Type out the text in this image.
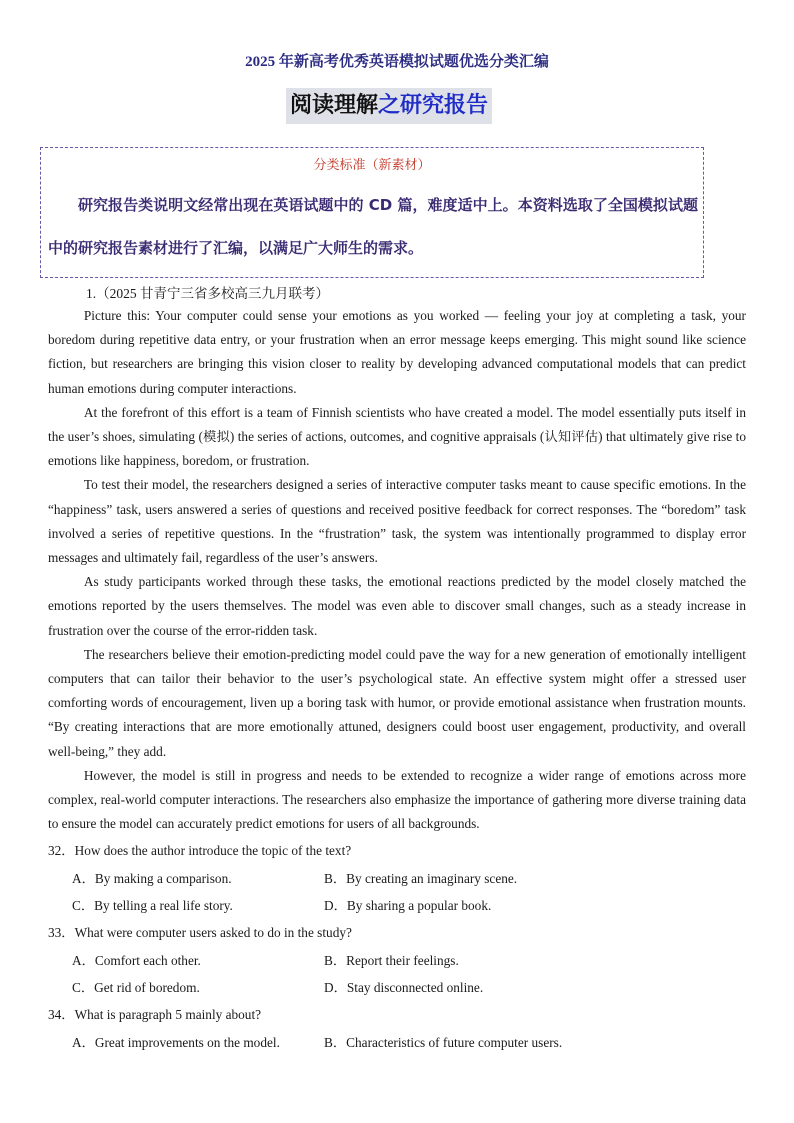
2025 年新高考优秀英语模拟试题优选分类汇编
阅读理解之研究报告
分类标准（新素材）
研究报告类说明文经常出现在英语试题中的 CD 篇，难度适中上。本资料选取了全国模拟试题中的研究报告素材进行了汇编，以满足广大师生的需求。
1.（2025 甘青宁三省多校高三九月联考）

Picture this: Your computer could sense your emotions as you worked — feeling your joy at completing a task, your boredom during repetitive data entry, or your frustration when an error message keeps emerging. This might sound like science fiction, but researchers are bringing this vision closer to reality by developing advanced computational models that can predict human emotions during computer interactions.

At the forefront of this effort is a team of Finnish scientists who have created a model. The model essentially puts itself in the user’s shoes, simulating (模拟) the series of actions, outcomes, and cognitive appraisals (认知评估) that ultimately give rise to emotions like happiness, boredom, or frustration.

To test their model, the researchers designed a series of interactive computer tasks meant to cause specific emotions. In the “happiness” task, users answered a series of questions and received positive feedback for correct responses. The “boredom” task involved a series of repetitive questions. In the “frustration” task, the system was intentionally programmed to display error messages and ultimately fail, regardless of the user’s answers.

As study participants worked through these tasks, the emotional reactions predicted by the model closely matched the emotions reported by the users themselves. The model was even able to discover small changes, such as a steady increase in frustration over the course of the error-ridden task.

The researchers believe their emotion-predicting model could pave the way for a new generation of emotionally intelligent computers that can tailor their behavior to the user’s psychological state. An effective system might offer a stressed user comforting words of encouragement, liven up a boring task with humor, or provide emotional assistance when frustration mounts. “By creating interactions that are more emotionally attuned, designers could boost user engagement, productivity, and overall well-being,” they add.

However, the model is still in progress and needs to be extended to recognize a wider range of emotions across more complex, real-world computer interactions. The researchers also emphasize the importance of gathering more diverse training data to ensure the model can accurately predict emotions for users of all backgrounds.

32．How does the author introduce the topic of the text?
A．By making a comparison.	B．By creating an imaginary scene.
C．By telling a real life story.	D．By sharing a popular book.
33．What were computer users asked to do in the study?
A．Comfort each other.	B．Report their feelings.
C．Get rid of boredom.	D．Stay disconnected online.
34．What is paragraph 5 mainly about?
A．Great improvements on the model.	B．Characteristics of future computer users.
